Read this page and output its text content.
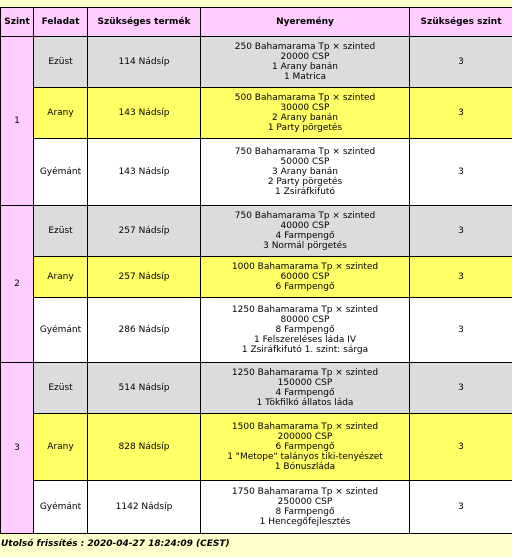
Szint	Feladat	Szükséges termék	Nyeremény	Szükséges szint
1	Ezüst	114 Nádsíp	250 Bahamarama Tp × szinted
20000 CSP
1 Arany banán
1 Matrica	3
	Arany	143 Nádsíp	500 Bahamarama Tp × szinted
30000 CSP
2 Arany banán
1 Party pörgetés	3
	Gyémánt	143 Nádsíp	750 Bahamarama Tp × szinted
50000 CSP
3 Arany banán
2 Party pörgetés
1 Zsiráfkifutó	3
2	Ezüst	257 Nádsíp	750 Bahamarama Tp × szinted
40000 CSP
4 Farmpengő
3 Normál pörgetés	3
	Arany	257 Nádsíp	1000 Bahamarama Tp × szinted
60000 CSP
6 Farmpengő	3
	Gyémánt	286 Nádsíp	1250 Bahamarama Tp × szinted
80000 CSP
8 Farmpengő
1 Felszereléses láda IV
1 Zsiráfkifutó 1. szint: sárga	3
3	Ezüst	514 Nádsíp	1250 Bahamarama Tp × szinted
150000 CSP
4 Farmpengő
1 Tökfilkó állatos láda	3
	Arany	828 Nádsíp	1500 Bahamarama Tp × szinted
200000 CSP
6 Farmpengő
1 "Metope" talányos tiki-tenyészet
1 Bónuszláda	3
	Gyémánt	1142 Nádsíp	1750 Bahamarama Tp × szinted
250000 CSP
8 Farmpengő
1 Hencegőfejlesztés	3
Utolsó frissítés : 2020-04-27 18:24:09 (CEST)
